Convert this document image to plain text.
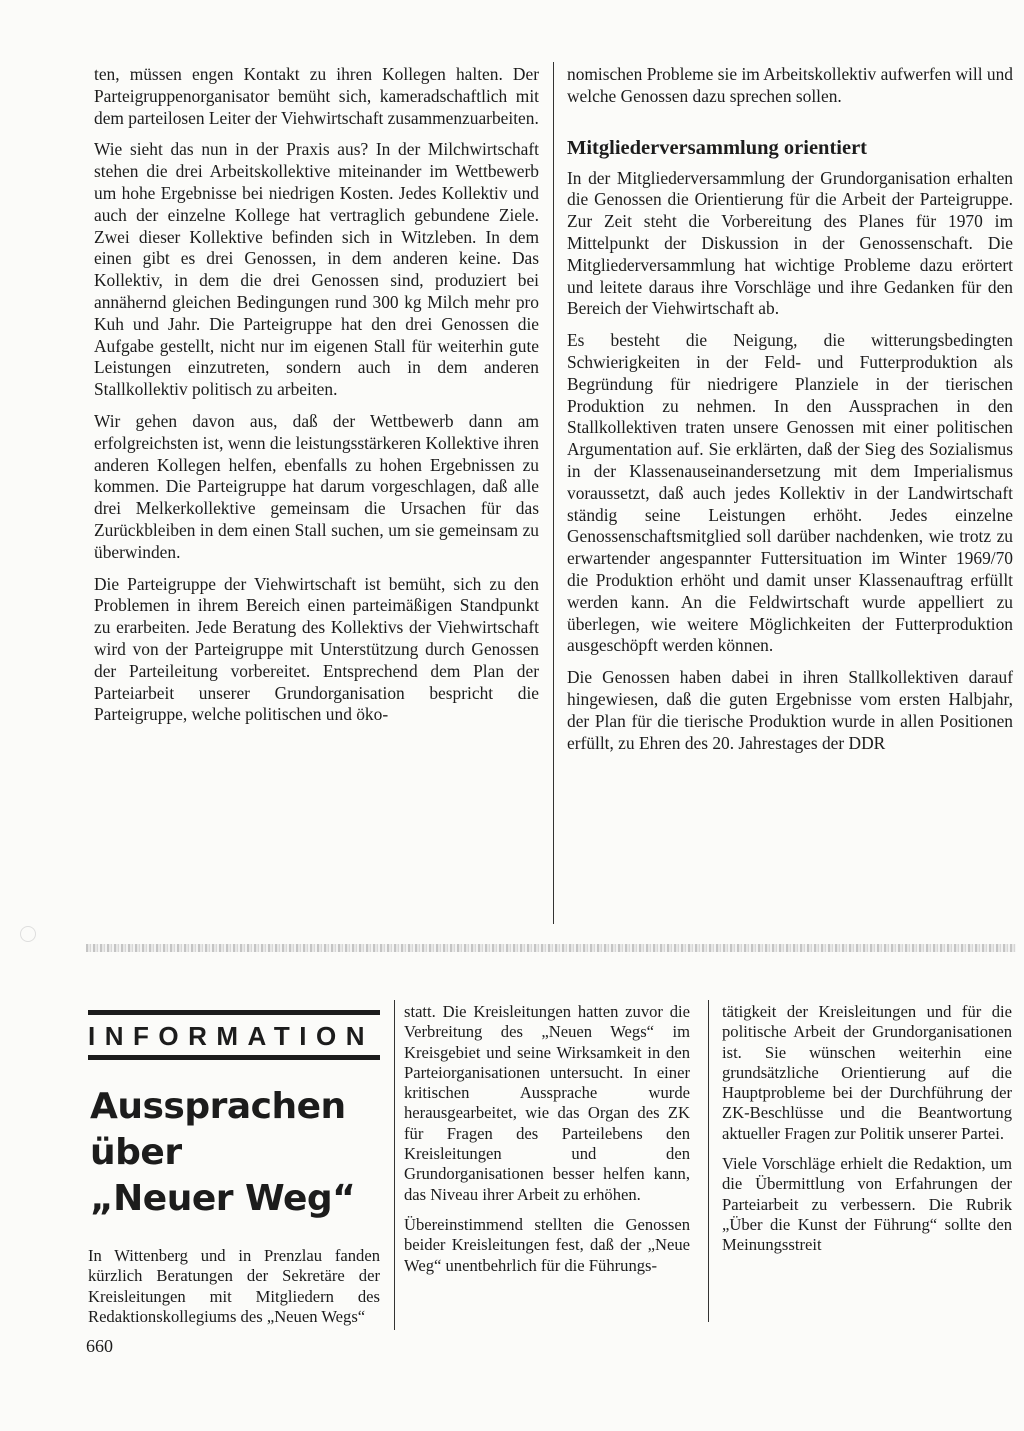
ten, müssen engen Kontakt zu ihren Kollegen halten. Der Parteigruppenorganisator bemüht sich, kameradschaftlich mit dem parteilosen Leiter der Viehwirtschaft zusammenzuarbeiten.

Wie sieht das nun in der Praxis aus? In der Milchwirtschaft stehen die drei Arbeitskollektive miteinander im Wettbewerb um hohe Ergebnisse bei niedrigen Kosten. Jedes Kollektiv und auch der einzelne Kollege hat vertraglich gebundene Ziele. Zwei dieser Kollektive befinden sich in Witzleben. In dem einen gibt es drei Genossen, in dem anderen keine. Das Kollektiv, in dem die drei Genossen sind, produziert bei annähernd gleichen Bedingungen rund 300 kg Milch mehr pro Kuh und Jahr. Die Parteigruppe hat den drei Genossen die Aufgabe gestellt, nicht nur im eigenen Stall für weiterhin gute Leistungen einzutreten, sondern auch in dem anderen Stallkollektiv politisch zu arbeiten.

Wir gehen davon aus, daß der Wettbewerb dann am erfolgreichsten ist, wenn die leistungsstärkeren Kollektive ihren anderen Kollegen helfen, ebenfalls zu hohen Ergebnissen zu kommen. Die Parteigruppe hat darum vorgeschlagen, daß alle drei Melkerkollektive gemeinsam die Ursachen für das Zurückbleiben in dem einen Stall suchen, um sie gemeinsam zu überwinden.

Die Parteigruppe der Viehwirtschaft ist bemüht, sich zu den Problemen in ihrem Bereich einen parteimäßigen Standpunkt zu erarbeiten. Jede Beratung des Kollektivs der Viehwirtschaft wird von der Parteigruppe mit Unterstützung durch Genossen der Parteileitung vorbereitet. Entsprechend dem Plan der Parteiarbeit unserer Grundorganisation bespricht die Parteigruppe, welche politischen und öko-

nomischen Probleme sie im Arbeitskollektiv aufwerfen will und welche Genossen dazu sprechen sollen.

Mitgliederversammlung orientiert

In der Mitgliederversammlung der Grundorganisation erhalten die Genossen die Orientierung für die Arbeit der Parteigruppe. Zur Zeit steht die Vorbereitung des Planes für 1970 im Mittelpunkt der Diskussion in der Genossenschaft. Die Mitgliederversammlung hat wichtige Probleme dazu erörtert und leitete daraus ihre Vorschläge und ihre Gedanken für den Bereich der Viehwirtschaft ab.

Es besteht die Neigung, die witterungsbedingten Schwierigkeiten in der Feld- und Futterproduktion als Begründung für niedrigere Planziele in der tierischen Produktion zu nehmen. In den Aussprachen in den Stallkollektiven traten unsere Genossen mit einer politischen Argumentation auf. Sie erklärten, daß der Sieg des Sozialismus in der Klassenauseinandersetzung mit dem Imperialismus voraussetzt, daß auch jedes Kollektiv in der Landwirtschaft ständig seine Leistungen erhöht. Jedes einzelne Genossenschaftsmitglied soll darüber nachdenken, wie trotz zu erwartender angespannter Futtersituation im Winter 1969/70 die Produktion erhöht und damit unser Klassenauftrag erfüllt werden kann. An die Feldwirtschaft wurde appelliert zu überlegen, wie weitere Möglichkeiten der Futterproduktion ausgeschöpft werden können.

Die Genossen haben dabei in ihren Stallkollektiven darauf hingewiesen, daß die guten Ergebnisse vom ersten Halbjahr, der Plan für die tierische Produktion wurde in allen Positionen erfüllt, zu Ehren des 20. Jahrestages der DDR

INFORMATION
Aussprachen
über
„Neuer Weg“

In Wittenberg und in Prenzlau fanden kürzlich Beratungen der Sekretäre der Kreisleitungen mit Mitgliedern des Redaktionskollegiums des „Neuen Wegs“

statt. Die Kreisleitungen hatten zuvor die Verbreitung des „Neuen Wegs“ im Kreisgebiet und seine Wirksamkeit in den Parteiorganisationen untersucht. In einer kritischen Aussprache wurde herausgearbeitet, wie das Organ des ZK für Fragen des Parteilebens den Kreisleitungen und den Grundorganisationen besser helfen kann, das Niveau ihrer Arbeit zu erhöhen.

Übereinstimmend stellten die Genossen beider Kreisleitungen fest, daß der „Neue Weg“ unentbehrlich für die Führungs-

tätigkeit der Kreisleitungen und für die politische Arbeit der Grundorganisationen ist. Sie wünschen weiterhin eine grundsätzliche Orientierung auf die Hauptprobleme bei der Durchführung der ZK-Beschlüsse und die Beantwortung aktueller Fragen zur Politik unserer Partei.

Viele Vorschläge erhielt die Redaktion, um die Übermittlung von Erfahrungen der Parteiarbeit zu verbessern. Die Rubrik „Über die Kunst der Führung“ sollte den Meinungsstreit

660
